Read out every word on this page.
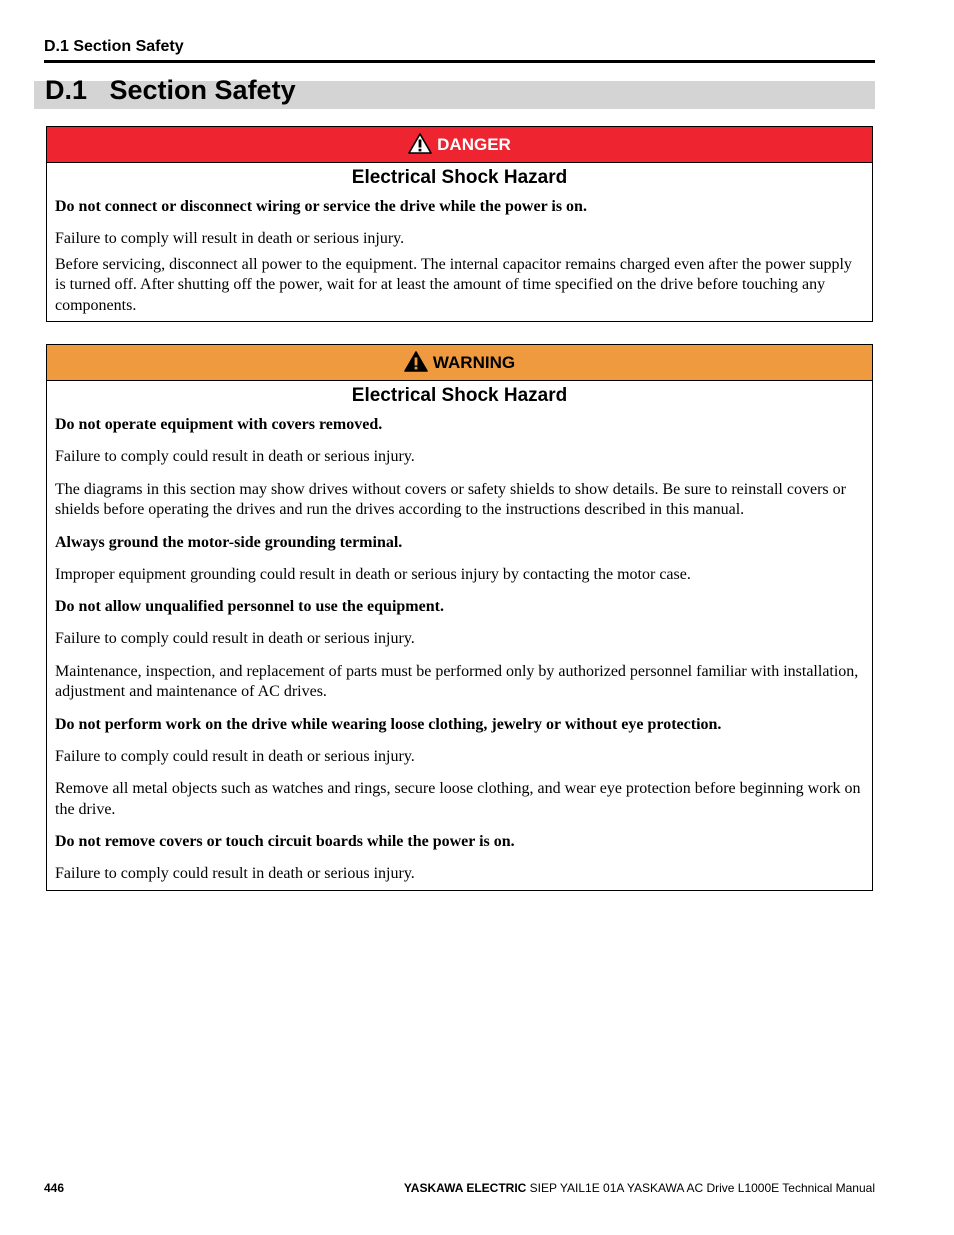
D.1 Section Safety
D.1   Section Safety
DANGER
Electrical Shock Hazard

Do not connect or disconnect wiring or service the drive while the power is on.

Failure to comply will result in death or serious injury.

Before servicing, disconnect all power to the equipment. The internal capacitor remains charged even after the power supply is turned off. After shutting off the power, wait for at least the amount of time specified on the drive before touching any components.

WARNING
Electrical Shock Hazard

Do not operate equipment with covers removed.

Failure to comply could result in death or serious injury.

The diagrams in this section may show drives without covers or safety shields to show details. Be sure to reinstall covers or shields before operating the drives and run the drives according to the instructions described in this manual.

Always ground the motor-side grounding terminal.

Improper equipment grounding could result in death or serious injury by contacting the motor case.

Do not allow unqualified personnel to use the equipment.

Failure to comply could result in death or serious injury.

Maintenance, inspection, and replacement of parts must be performed only by authorized personnel familiar with installation, adjustment and maintenance of AC drives.

Do not perform work on the drive while wearing loose clothing, jewelry or without eye protection.

Failure to comply could result in death or serious injury.

Remove all metal objects such as watches and rings, secure loose clothing, and wear eye protection before beginning work on the drive.

Do not remove covers or touch circuit boards while the power is on.

Failure to comply could result in death or serious injury.

446	YASKAWA ELECTRIC SIEP YAIL1E 01A YASKAWA AC Drive L1000E Technical Manual
